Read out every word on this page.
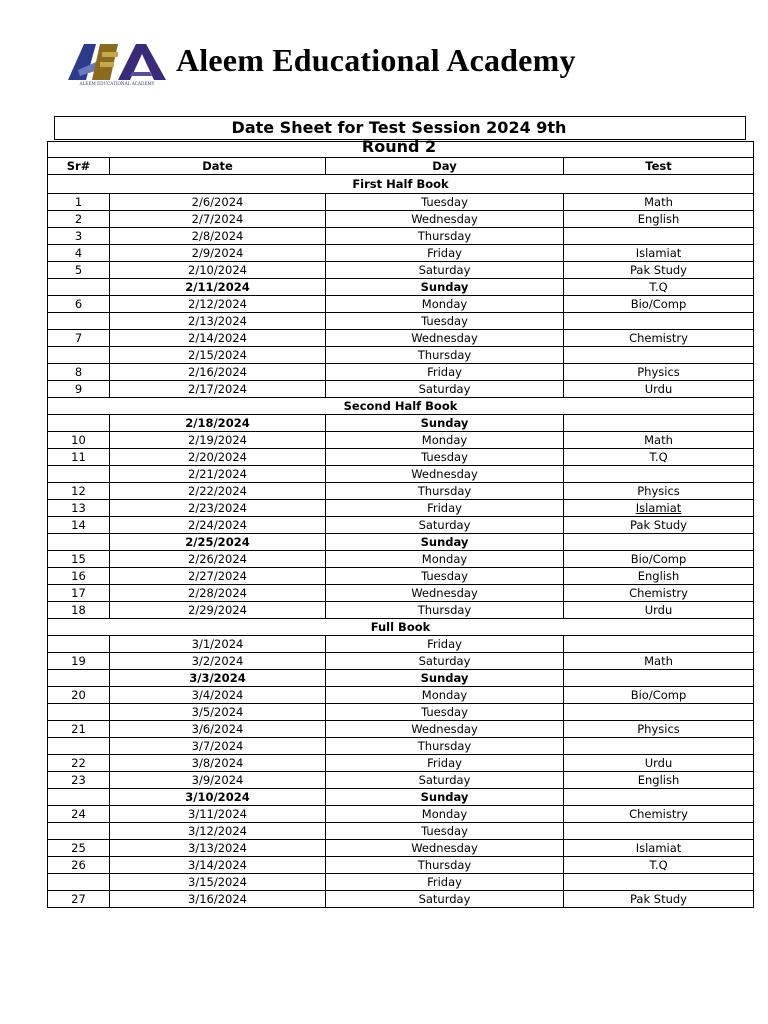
ALEEM EDUCATIONAL ACADEMY
Aleem Educational Academy
Date Sheet for Test Session 2024 9th Round 2

Sr#	Date	Day	Test
First Half Book			
1	2/6/2024	Tuesday	Math
2	2/7/2024	Wednesday	English
3	2/8/2024	Thursday	
4	2/9/2024	Friday	Islamiat
5	2/10/2024	Saturday	Pak Study
	2/11/2024	Sunday	T.Q
6	2/12/2024	Monday	Bio/Comp
	2/13/2024	Tuesday	
7	2/14/2024	Wednesday	Chemistry
	2/15/2024	Thursday	
8	2/16/2024	Friday	Physics
9	2/17/2024	Saturday	Urdu
Second Half Book			
	2/18/2024	Sunday	
10	2/19/2024	Monday	Math
11	2/20/2024	Tuesday	T.Q
	2/21/2024	Wednesday	
12	2/22/2024	Thursday	Physics
13	2/23/2024	Friday	Islamiat
14	2/24/2024	Saturday	Pak Study
	2/25/2024	Sunday	
15	2/26/2024	Monday	Bio/Comp
16	2/27/2024	Tuesday	English
17	2/28/2024	Wednesday	Chemistry
18	2/29/2024	Thursday	Urdu
Full Book			
	3/1/2024	Friday	
19	3/2/2024	Saturday	Math
	3/3/2024	Sunday	
20	3/4/2024	Monday	Bio/Comp
	3/5/2024	Tuesday	
21	3/6/2024	Wednesday	Physics
	3/7/2024	Thursday	
22	3/8/2024	Friday	Urdu
23	3/9/2024	Saturday	English
	3/10/2024	Sunday	
24	3/11/2024	Monday	Chemistry
	3/12/2024	Tuesday	
25	3/13/2024	Wednesday	Islamiat
26	3/14/2024	Thursday	T.Q
	3/15/2024	Friday	
27	3/16/2024	Saturday	Pak Study
